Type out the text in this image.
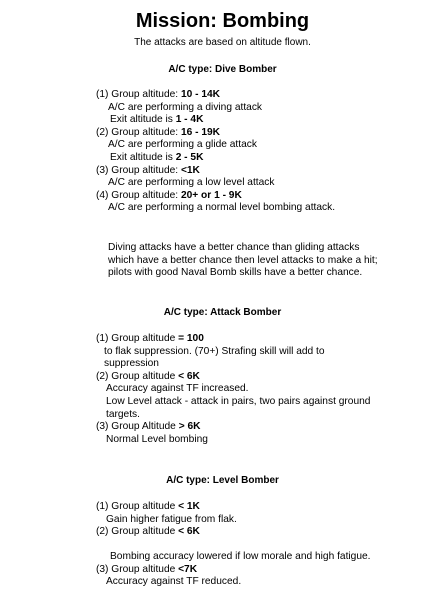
Mission: Bombing
The attacks are based on altitude flown.
A/C type: Dive Bomber
(1) Group altitude: 10 - 14K
A/C are performing a diving attack
Exit altitude is 1 - 4K
(2) Group altitude: 16 - 19K
A/C are performing a glide attack
Exit altitude is 2 - 5K
(3) Group altitude: <1K
A/C are performing a low level attack
(4) Group altitude: 20+ or 1 - 9K
A/C are performing a normal level bombing attack.
Diving attacks have a better chance than gliding attacks
which have a better chance then level attacks to make a hit;
pilots with good Naval Bomb skills have a better chance.
A/C type: Attack Bomber
(1) Group altitude = 100
to flak suppression. (70+) Strafing skill will add to
suppression
(2) Group altitude < 6K
Accuracy against TF increased.
Low Level attack - attack in pairs, two pairs against ground
targets.
(3) Group Altitude > 6K
Normal Level bombing
A/C type: Level Bomber
(1) Group altitude < 1K
Gain higher fatigue from flak.
(2) Group altitude < 6K
Bombing accuracy lowered if low morale and high fatigue.
(3) Group altitude <7K
Accuracy against TF reduced.
